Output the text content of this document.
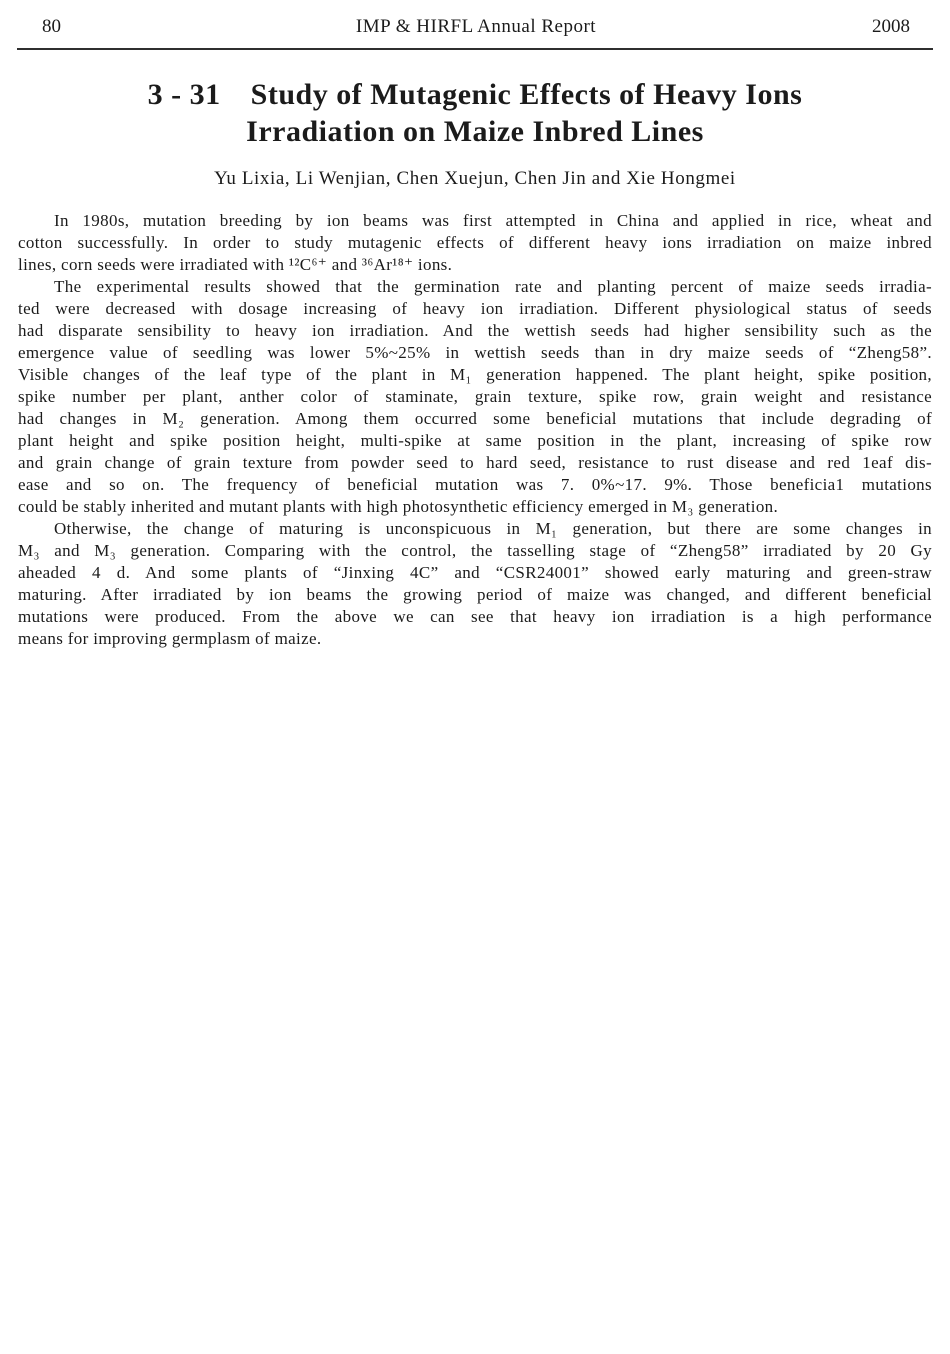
80	IMP & HIRFL Annual Report	2008
3 - 31 Study of Mutagenic Effects of Heavy Ions
Irradiation on Maize Inbred Lines
Yu Lixia, Li Wenjian, Chen Xuejun, Chen Jin and Xie Hongmei
In 1980s, mutation breeding by ion beams was first attempted in China and applied in rice, wheat and
cotton successfully. In order to study mutagenic effects of different heavy ions irradiation on maize inbred
lines, corn seeds were irradiated with ¹²C⁶⁺ and ³⁶Ar¹⁸⁺ ions.
The experimental results showed that the germination rate and planting percent of maize seeds irradia-
ted were decreased with dosage increasing of heavy ion irradiation. Different physiological status of seeds
had disparate sensibility to heavy ion irradiation. And the wettish seeds had higher sensibility such as the
emergence value of seedling was lower 5%~25% in wettish seeds than in dry maize seeds of “Zheng58”.
Visible changes of the leaf type of the plant in M₁ generation happened. The plant height, spike position,
spike number per plant, anther color of staminate, grain texture, spike row, grain weight and resistance
had changes in M₂ generation. Among them occurred some beneficial mutations that include degrading of
plant height and spike position height, multi-spike at same position in the plant, increasing of spike row
and grain change of grain texture from powder seed to hard seed, resistance to rust disease and red 1eaf dis-
ease and so on. The frequency of beneficial mutation was 7. 0%~17. 9%. Those beneficia1 mutations
could be stably inherited and mutant plants with high photosynthetic efficiency emerged in M₃ generation.
Otherwise, the change of maturing is unconspicuous in M₁ generation, but there are some changes in
M₃ and M₃ generation. Comparing with the control, the tasselling stage of “Zheng58” irradiated by 20 Gy
aheaded 4 d. And some plants of “Jinxing 4C” and “CSR24001” showed early maturing and green-straw
maturing. After irradiated by ion beams the growing period of maize was changed, and different beneficial
mutations were produced. From the above we can see that heavy ion irradiation is a high performance
means for improving germplasm of maize.
